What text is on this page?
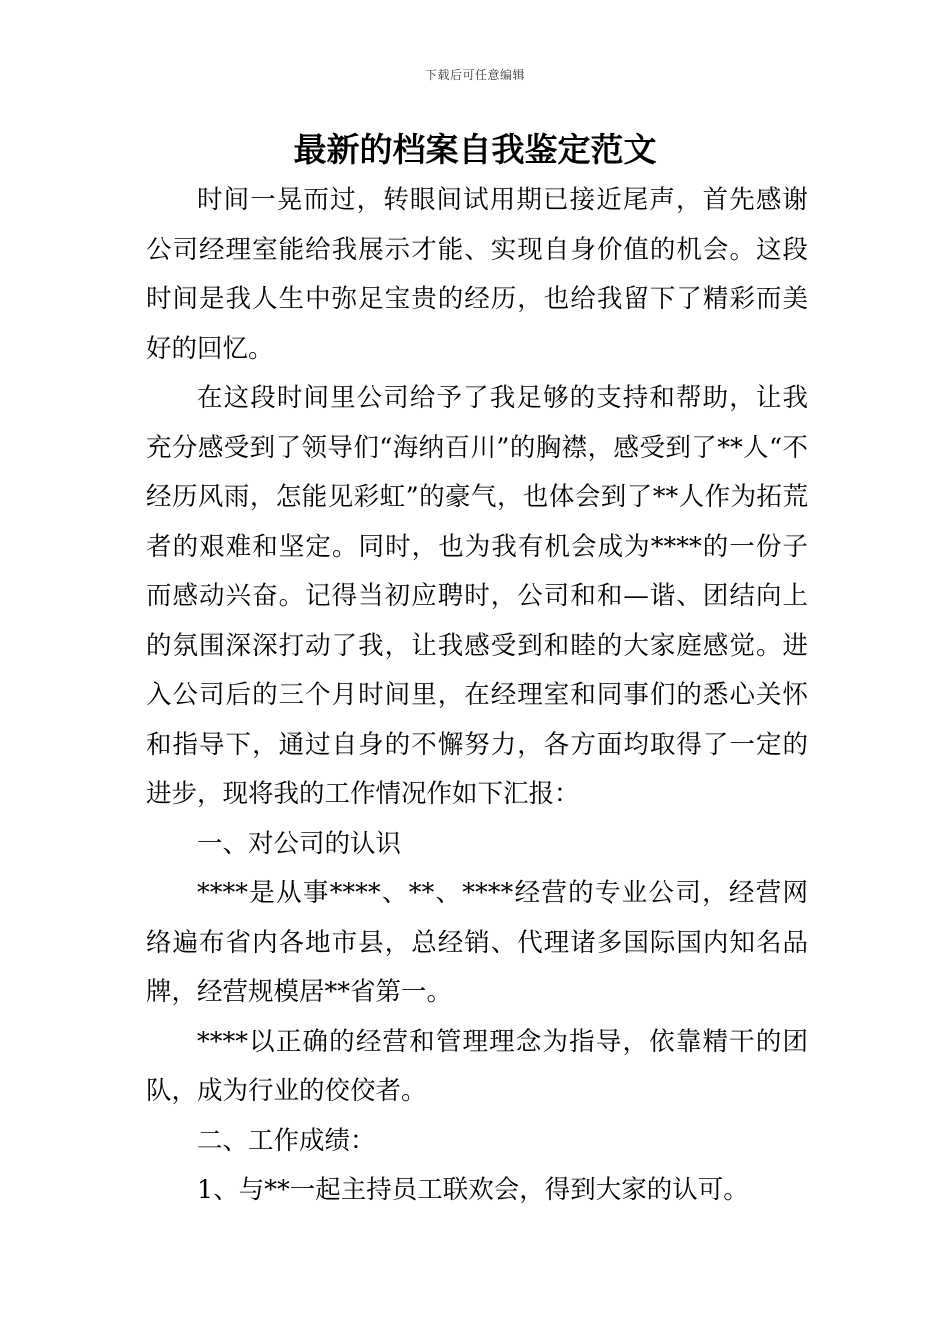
下载后可任意编辑
最新的档案自我鉴定范文

时间一晃而过，转眼间试用期已接近尾声，首先感谢公司经理室能给我展示才能、实现自身价值的机会。这段时间是我人生中弥足宝贵的经历，也给我留下了精彩而美好的回忆。

在这段时间里公司给予了我足够的支持和帮助，让我充分感受到了领导们“海纳百川”的胸襟，感受到了**人“不经历风雨，怎能见彩虹”的豪气，也体会到了**人作为拓荒者的艰难和坚定。同时，也为我有机会成为****的一份子而感动兴奋。记得当初应聘时，公司和和—谐、团结向上的氛围深深打动了我，让我感受到和睦的大家庭感觉。进入公司后的三个月时间里，在经理室和同事们的悉心关怀和指导下，通过自身的不懈努力，各方面均取得了一定的进步，现将我的工作情况作如下汇报：

一、对公司的认识

****是从事****、**、****经营的专业公司，经营网络遍布省内各地市县，总经销、代理诸多国际国内知名品牌，经营规模居**省第一。

****以正确的经营和管理理念为指导，依靠精干的团队，成为行业的佼佼者。

二、工作成绩：

1、与**一起主持员工联欢会，得到大家的认可。
